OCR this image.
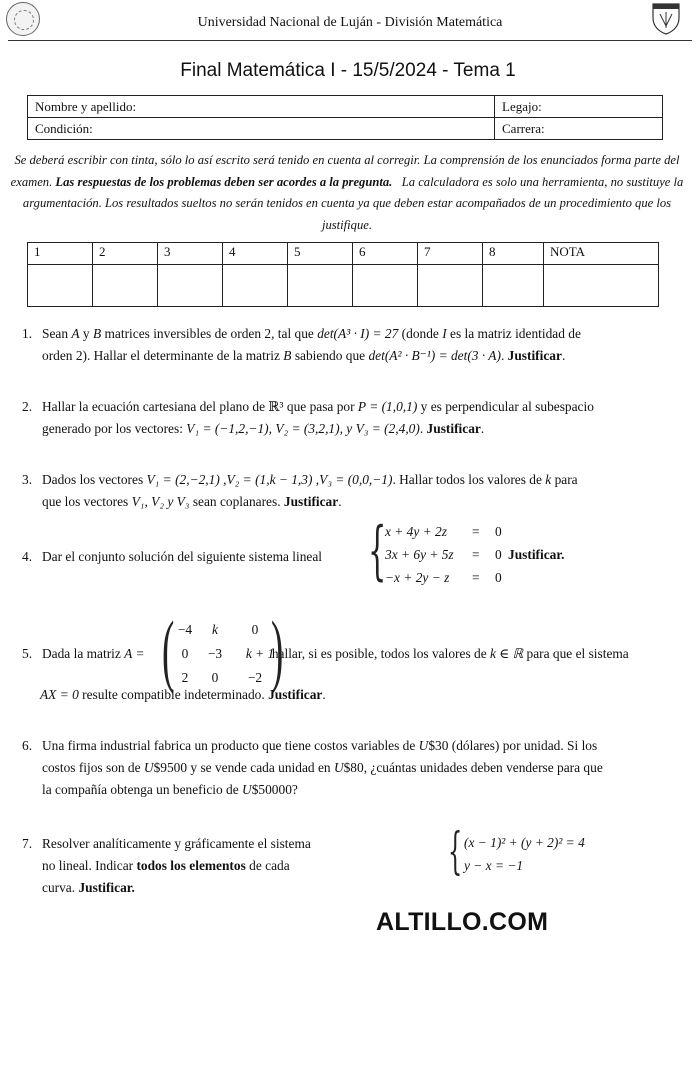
Universidad Nacional de Luján - División Matemática
Final Matemática I - 15/5/2024 - Tema 1
Nombre y apellido:	Legajo:
Condición:	Carrera:
Se deberá escribir con tinta, sólo lo así escrito será tenido en cuenta al corregir. La comprensión de los enunciados forma parte del examen. Las respuestas de los problemas deben ser acordes a la pregunta. La calculadora es solo una herramienta, no sustituye la argumentación. Los resultados sueltos no serán tenidos en cuenta ya que deben estar acompañados de un procedimiento que los justifique.
1	2	3	4	5	6	7	8	NOTA

1. Sean A y B matrices inversibles de orden 2, tal que det(A³ · I) = 27 (donde I es la matriz identidad de
orden 2). Hallar el determinante de la matriz B sabiendo que det(A² · B⁻¹) = det(3 · A). Justificar.
2. Hallar la ecuación cartesiana del plano de ℝ³ que pasa por P = (1,0,1) y es perpendicular al subespacio
generado por los vectores: V₁ = (−1,2,−1), V₂ = (3,2,1), y V₃ = (2,4,0). Justificar.
3. Dados los vectores V₁ = (2,−2,1) ,V₂ = (1,k − 1,3) ,V₃ = (0,0,−1). Hallar todos los valores de k para
que los vectores V₁, V₂ y V₃ sean coplanares. Justificar.
4. Dar el conjunto solución del siguiente sistema lineal {
x + 4y + 2z = 0
3x + 6y + 5z = 0 Justificar.
−x + 2y − z = 0
5. Dada la matriz A =	hallar, si es posible, todos los valores de k ∈ ℝ para que el sistema
( )
−4	k	0
0	−3	k + 1
2	0	−2
AX = 0 resulte compatible indeterminado. Justificar.
6. Una firma industrial fabrica un producto que tiene costos variables de U$30 (dólares) por unidad. Si los
costos fijos son de U$9500 y se vende cada unidad en U$80, ¿cuántas unidades deben venderse para que
la compañía obtenga un beneficio de U$50000?
7. Resolver analíticamente y gráficamente el sistema
no lineal. Indicar todos los elementos de cada
curva. Justificar.
{ (x − 1)² + (y + 2)² = 4
y − x = −1
ALTILLO.COM
